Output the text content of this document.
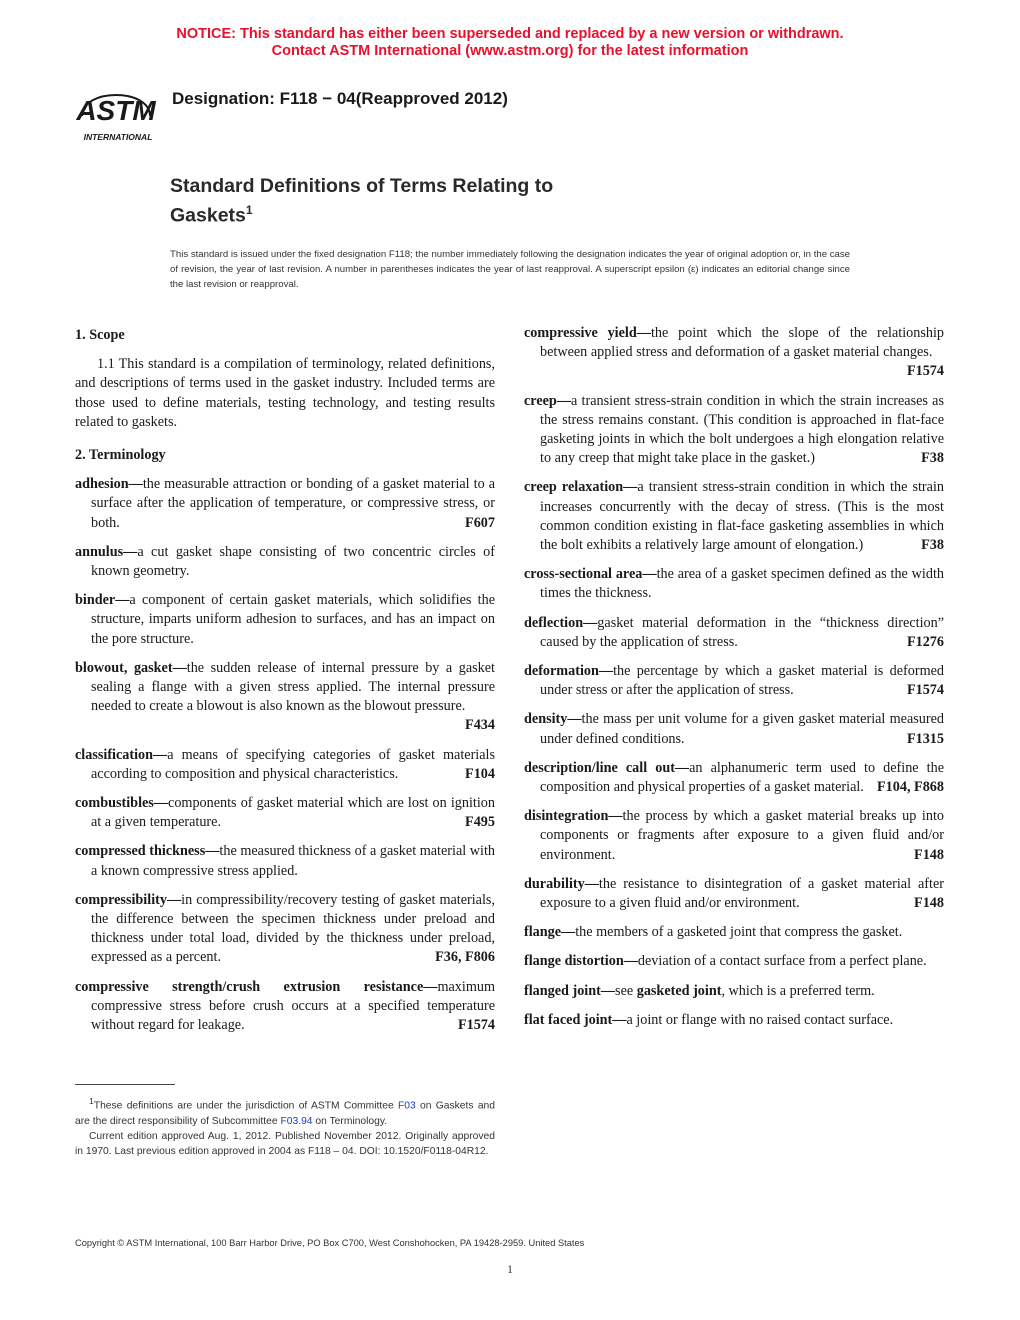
NOTICE: This standard has either been superseded and replaced by a new version or withdrawn.
Contact ASTM International (www.astm.org) for the latest information
ASTM
INTERNATIONAL
Designation: F118 − 04(Reapproved 2012)
Standard Definitions of Terms Relating to
Gaskets$^1$
This standard is issued under the fixed designation F118; the number immediately following the designation indicates the year of original adoption or, in the case of revision, the year of last revision. A number in parentheses indicates the year of last reapproval. A superscript epsilon (ε) indicates an editorial change since the last revision or reapproval.
1. Scope

1.1 This standard is a compilation of terminology, related definitions, and descriptions of terms used in the gasket industry. Included terms are those used to define materials, testing technology, and testing results related to gaskets.

2. Terminology
adhesion—the measurable attraction or bonding of a gasket material to a surface after the application of temperature, or compressive stress, or both.	F607
annulus—a cut gasket shape consisting of two concentric circles of known geometry.
binder—a component of certain gasket materials, which solidifies the structure, imparts uniform adhesion to surfaces, and has an impact on the pore structure.
blowout, gasket—the sudden release of internal pressure by a gasket sealing a flange with a given stress applied. The internal pressure needed to create a blowout is also known as the blowout pressure.
F434
classification—a means of specifying categories of gasket materials according to composition and physical characteristics.	F104
combustibles—components of gasket material which are lost on ignition at a given temperature.	F495
compressed thickness—the measured thickness of a gasket material with a known compressive stress applied.
compressibility—in compressibility/recovery testing of gasket materials, the difference between the specimen thickness under preload and thickness under total load, divided by the thickness under preload, expressed as a percent.	F36, F806
compressive strength/crush extrusion resistance—maximum compressive stress before crush occurs at a specified temperature without regard for leakage.	F1574
compressive yield—the point which the slope of the relationship between applied stress and deformation of a gasket material changes.
F1574
creep—a transient stress-strain condition in which the strain increases as the stress remains constant. (This condition is approached in flat-face gasketing joints in which the bolt undergoes a high elongation relative to any creep that might take place in the gasket.)	F38
creep relaxation—a transient stress-strain condition in which the strain increases concurrently with the decay of stress. (This is the most common condition existing in flat-face gasketing assemblies in which the bolt exhibits a relatively large amount of elongation.)	F38
cross-sectional area—the area of a gasket specimen defined as the width times the thickness.
deflection—gasket material deformation in the “thickness direction” caused by the application of stress.	F1276
deformation—the percentage by which a gasket material is deformed under stress or after the application of stress.	F1574
density—the mass per unit volume for a given gasket material measured under defined conditions.	F1315
description/line call out—an alphanumeric term used to define the composition and physical properties of a gasket material. F104, F868
disintegration—the process by which a gasket material breaks up into components or fragments after exposure to a given fluid and/or environment.	F148
durability—the resistance to disintegration of a gasket material after exposure to a given fluid and/or environment.	F148
flange—the members of a gasketed joint that compress the gasket.
flange distortion—deviation of a contact surface from a perfect plane.
flanged joint—see gasketed joint, which is a preferred term.
flat faced joint—a joint or flange with no raised contact surface.

$^1$These definitions are under the jurisdiction of ASTM Committee F03 on Gaskets and are the direct responsibility of Subcommittee F03.94 on Terminology.

Current edition approved Aug. 1, 2012. Published November 2012. Originally approved in 1970. Last previous edition approved in 2004 as F118 – 04. DOI: 10.1520/F0118-04R12.

Copyright © ASTM International, 100 Barr Harbor Drive, PO Box C700, West Conshohocken, PA 19428-2959. United States
1
